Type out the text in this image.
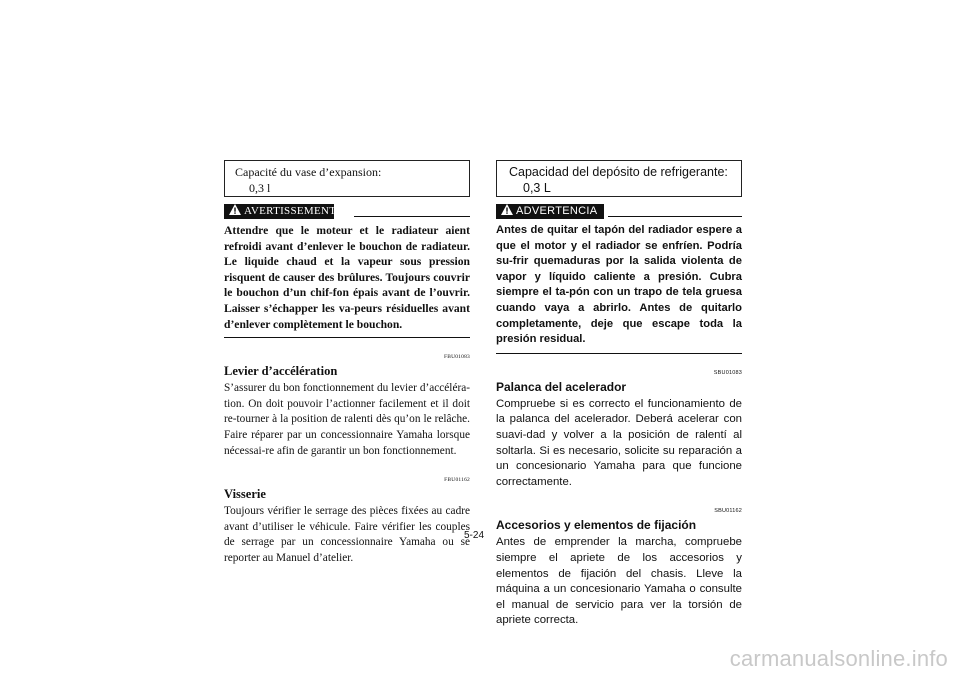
Capacité du vase d’expansion:
0,3 l
AVERTISSEMENT
Attendre que le moteur et le radiateur aient refroidi avant d’enlever le bouchon de radiateur. Le liquide chaud et la vapeur sous pression risquent de causer des brûlures. Toujours couvrir le bouchon d’un chif-fon épais avant de l’ouvrir. Laisser s’échapper les va-peurs résiduelles avant d’enlever complètement le bouchon.
FBU01083
Levier d’accélération
S’assurer du bon fonctionnement du levier d’accéléra-tion. On doit pouvoir l’actionner facilement et il doit re-tourner à la position de ralenti dès qu’on le relâche. Faire réparer par un concessionnaire Yamaha lorsque nécessai-re afin de garantir un bon fonctionnement.
FBU01162
Visserie
Toujours vérifier le serrage des pièces fixées au cadre avant d’utiliser le véhicule. Faire vérifier les couples de serrage par un concessionnaire Yamaha ou se reporter au Manuel d’atelier.
Capacidad del depósito de refrigerante:
0,3 L
ADVERTENCIA
Antes de quitar el tapón del radiador espere a que el motor y el radiador se enfríen. Podría su-frir quemaduras por la salida violenta de vapor y líquido caliente a presión. Cubra siempre el ta-pón con un trapo de tela gruesa cuando vaya a abrirlo. Antes de quitarlo completamente, deje que escape toda la presión residual.
SBU01083
Palanca del acelerador
Compruebe si es correcto el funcionamiento de la palanca del acelerador. Deberá acelerar con suavi-dad y volver a la posición de ralentí al soltarla. Si es necesario, solicite su reparación a un concesionario Yamaha para que funcione correctamente.
SBU01162
Accesorios y elementos de fijación
Antes de emprender la marcha, compruebe siempre el apriete de los accesorios y elementos de fijación del chasis. Lleve la máquina a un concesionario Yamaha o consulte el manual de servicio para ver la torsión de apriete correcta.
5-24
carmanualsonline.info
